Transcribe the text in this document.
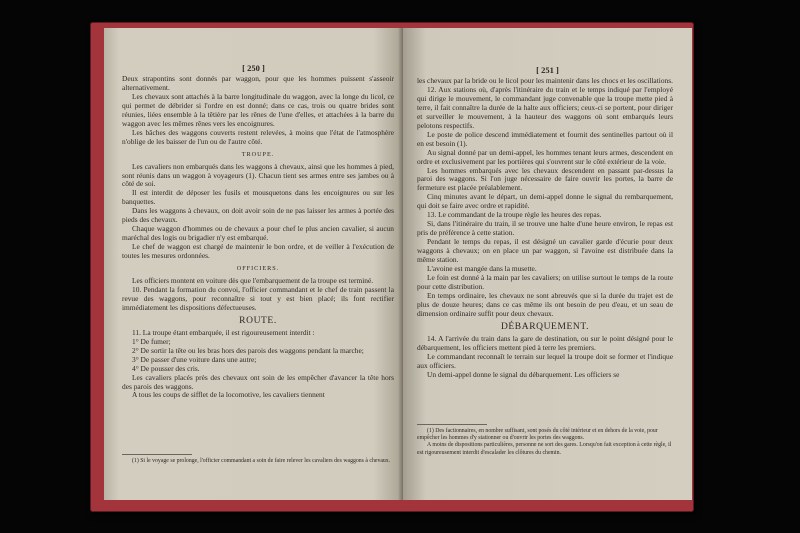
[ 250 ]

Deux strapontins sont donnés par waggon, pour que les hommes puissent s'asseoir alternativement.

Les chevaux sont attachés à la barre longitudinale du waggon, avec la longe du licol, ce qui permet de débrider si l'ordre en est donné; dans ce cas, trois ou quatre brides sont réunies, liées ensemble à la têtière par les rênes de l'une d'elles, et attachées à la barre du waggon avec les mêmes rênes vers les encoignures.

Les bâches des waggons couverts restent relevées, à moins que l'état de l'atmosphère n'oblige de les baisser de l'un ou de l'autre côté.

TROUPE.

Les cavaliers non embarqués dans les waggons à chevaux, ainsi que les hommes à pied, sont réunis dans un waggon à voyageurs (1). Chacun tient ses armes entre ses jambes ou à côté de soi.

Il est interdit de déposer les fusils et mousquetons dans les encoignures ou sur les banquettes.

Dans les waggons à chevaux, on doit avoir soin de ne pas laisser les armes à portée des pieds des chevaux.

Chaque waggon d'hommes ou de chevaux a pour chef le plus ancien cavalier, si aucun maréchal des logis ou brigadier n'y est embarqué.

Le chef de waggon est chargé de maintenir le bon ordre, et de veiller à l'exécution de toutes les mesures ordonnées.

OFFICIERS.

Les officiers montent en voiture dès que l'embarquement de la troupe est terminé.

10. Pendant la formation du convoi, l'officier commandant et le chef de train passent la revue des waggons, pour reconnaître si tout y est bien placé; ils font rectifier immédiatement les dispositions défectueuses.

ROUTE.

11. La troupe étant embarquée, il est rigoureusement interdit :

1° De fumer;

2° De sortir la tête ou les bras hors des parois des waggons pendant la marche;

3° De passer d'une voiture dans une autre;

4° De pousser des cris.

Les cavaliers placés près des chevaux ont soin de les empêcher d'avancer la tête hors des parois des waggons.

A tous les coups de sifflet de la locomotive, les cavaliers tiennent

(1) Si le voyage se prolonge, l'officier commandant a soin de faire relever les cavaliers des waggons à chevaux.

[ 251 ]

les chevaux par la bride ou le licol pour les maintenir dans les chocs et les oscillations.

12. Aux stations où, d'après l'itinéraire du train et le temps indiqué par l'employé qui dirige le mouvement, le commandant juge convenable que la troupe mette pied à terre, il fait connaître la durée de la halte aux officiers; ceux-ci se portent, pour diriger et surveiller le mouvement, à la hauteur des waggons où sont embarqués leurs pelotons respectifs.

Le poste de police descend immédiatement et fournit des sentinelles partout où il en est besoin (1).

Au signal donné par un demi-appel, les hommes tenant leurs armes, descendent en ordre et exclusivement par les portières qui s'ouvrent sur le côté extérieur de la voie.

Les hommes embarqués avec les chevaux descendent en passant par-dessus la paroi des waggons. Si l'on juge nécessaire de faire ouvrir les portes, la barre de fermeture est placée préalablement.

Cinq minutes avant le départ, un demi-appel donne le signal du rembarquement, qui doit se faire avec ordre et rapidité.

13. Le commandant de la troupe règle les heures des repas.

Si, dans l'itinéraire du train, il se trouve une halte d'une heure environ, le repas est pris de préférence à cette station.

Pendant le temps du repas, il est désigné un cavalier garde d'écurie pour deux waggons à chevaux; on en place un par waggon, si l'avoine est distribuée dans la même station.

L'avoine est mangée dans la musette.

Le foin est donné à la main par les cavaliers; on utilise surtout le temps de la route pour cette distribution.

En temps ordinaire, les chevaux ne sont abreuvés que si la durée du trajet est de plus de douze heures; dans ce cas même ils ont besoin de peu d'eau, et un seau de dimension ordinaire suffit pour deux chevaux.

DÉBARQUEMENT.

14. A l'arrivée du train dans la gare de destination, ou sur le point désigné pour le débarquement, les officiers mettent pied à terre les premiers.

Le commandant reconnaît le terrain sur lequel la troupe doit se former et l'indique aux officiers.

Un demi-appel donne le signal du débarquement. Les officiers se

(1) Des factionnaires, en nombre suffisant, sont posés du côté intérieur et en dehors de la voie, pour empêcher les hommes d'y stationner ou d'ouvrir les portes des waggons.

A moins de dispositions particulières, personne ne sort des gares. Lorsqu'on fait exception à cette règle, il est rigoureusement interdit d'escalader les clôtures du chemin.
